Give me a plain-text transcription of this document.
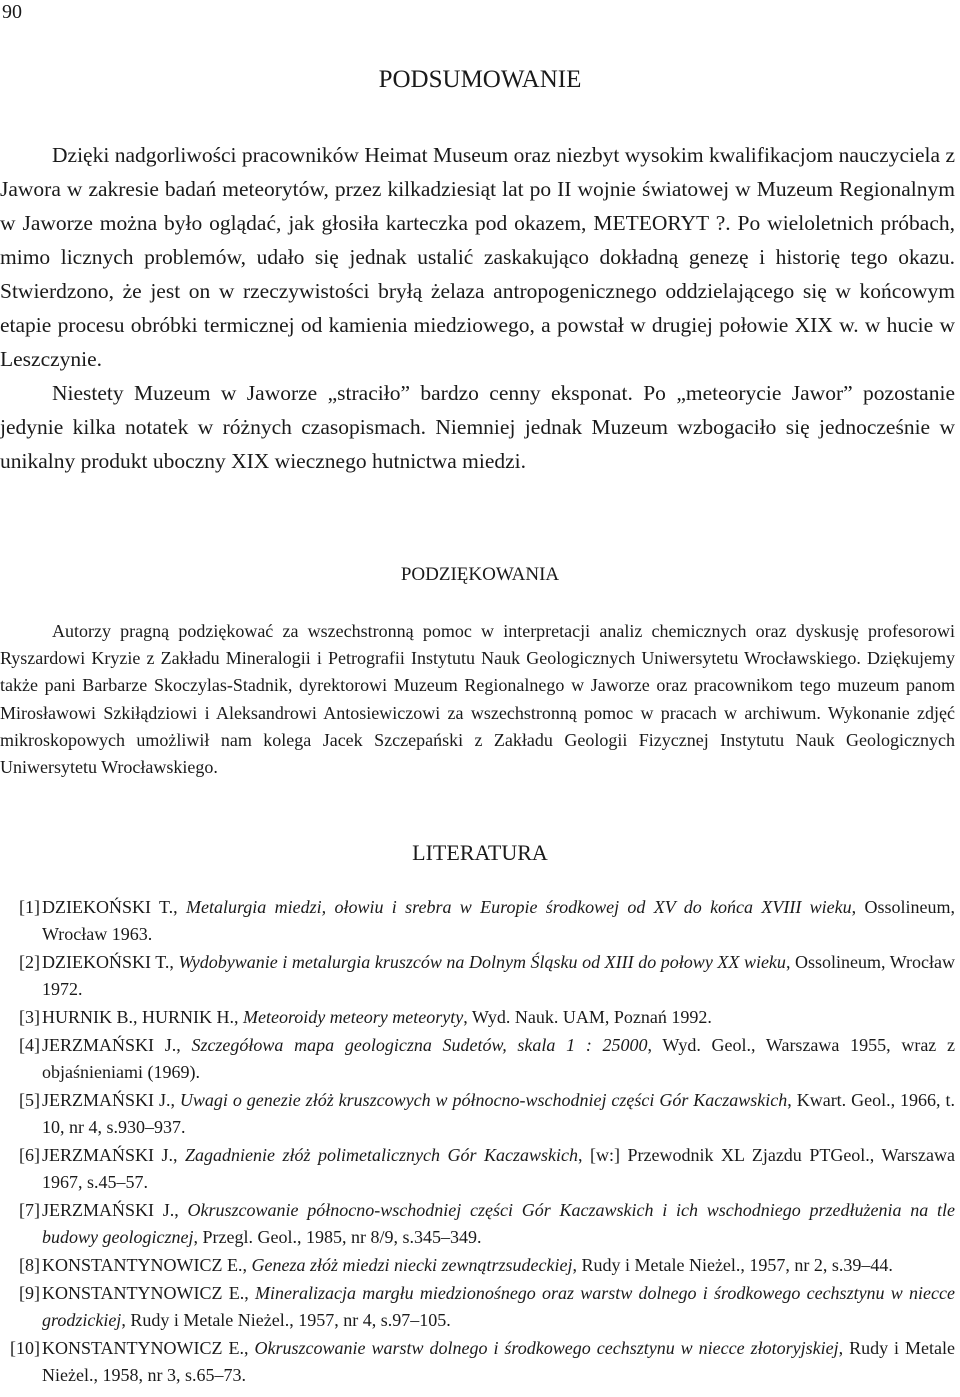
90
PODSUMOWANIE

Dzięki nadgorliwości pracowników Heimat Museum oraz niezbyt wysokim kwalifikacjom nauczyciela z Jawora w zakresie badań meteorytów, przez kilkadziesiąt lat po II wojnie światowej w Muzeum Regionalnym w Jaworze można było oglądać, jak głosiła karteczka pod okazem, METEORYT ?. Po wieloletnich próbach, mimo licznych problemów, udało się jednak ustalić zaskakująco dokładną genezę i historię tego okazu. Stwierdzono, że jest on w rzeczywistości bryłą żelaza antropogenicznego oddzielającego się w końcowym etapie procesu obróbki termicznej od kamienia miedziowego, a powstał w drugiej połowie XIX w. w hucie w Leszczynie.

Niestety Muzeum w Jaworze „straciło” bardzo cenny eksponat. Po „meteorycie Jawor” pozostanie jedynie kilka notatek w różnych czasopismach. Niemniej jednak Muzeum wzbogaciło się jednocześnie w unikalny produkt uboczny XIX wiecznego hutnictwa miedzi.

PODZIĘKOWANIA

Autorzy pragną podziękować za wszechstronną pomoc w interpretacji analiz chemicznych oraz dyskusję profesorowi Ryszardowi Kryzie z Zakładu Mineralogii i Petrografii Instytutu Nauk Geologicznych Uniwersytetu Wrocławskiego. Dziękujemy także pani Barbarze Skoczylas-Stadnik, dyrektorowi Muzeum Regionalnego w Jaworze oraz pracownikom tego muzeum panom Mirosławowi Szkiłądziowi i Aleksandrowi Antosiewiczowi za wszechstronną pomoc w pracach w archiwum. Wykonanie zdjęć mikroskopowych umożliwił nam kolega Jacek Szczepański z Zakładu Geologii Fizycznej Instytutu Nauk Geologicznych Uniwersytetu Wrocławskiego.

LITERATURA
[1] DZIEKOŃSKI T., Metalurgia miedzi, ołowiu i srebra w Europie środkowej od XV do końca XVIII wieku, Ossolineum, Wrocław 1963.
[2] DZIEKOŃSKI T., Wydobywanie i metalurgia kruszców na Dolnym Śląsku od XIII do połowy XX wieku, Ossolineum, Wrocław 1972.
[3] HURNIK B., HURNIK H., Meteoroidy meteory meteoryty, Wyd. Nauk. UAM, Poznań 1992.
[4] JERZMAŃSKI J., Szczegółowa mapa geologiczna Sudetów, skala 1 : 25000, Wyd. Geol., Warszawa 1955, wraz z objaśnieniami (1969).
[5] JERZMAŃSKI J., Uwagi o genezie złóż kruszcowych w północno-wschodniej części Gór Kaczawskich, Kwart. Geol., 1966, t. 10, nr 4, s.930–937.
[6] JERZMAŃSKI J., Zagadnienie złóż polimetalicznych Gór Kaczawskich, [w:] Przewodnik XL Zjazdu PTGeol., Warszawa 1967, s.45–57.
[7] JERZMAŃSKI J., Okruszcowanie północno-wschodniej części Gór Kaczawskich i ich wschodniego przedłużenia na tle budowy geologicznej, Przegl. Geol., 1985, nr 8/9, s.345–349.
[8] KONSTANTYNOWICZ E., Geneza złóż miedzi niecki zewnątrzsudeckiej, Rudy i Metale Nieżel., 1957, nr 2, s.39–44.
[9] KONSTANTYNOWICZ E., Mineralizacja margłu miedzionośnego oraz warstw dolnego i środkowego cechsztynu w niecce grodzickiej, Rudy i Metale Nieżel., 1957, nr 4, s.97–105.
[10] KONSTANTYNOWICZ E., Okruszcowanie warstw dolnego i środkowego cechsztynu w niecce złotoryjskiej, Rudy i Metale Nieżel., 1958, nr 3, s.65–73.
